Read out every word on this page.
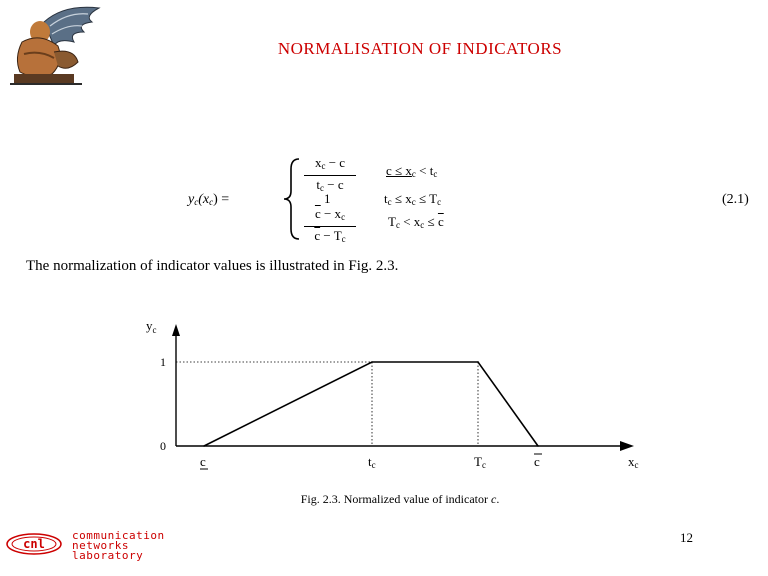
NORMALISATION OF INDICATORS
$y_c(x_c)$ =
$x_c - c$
$t_c - c$
$c \le x_c < t_c$
1	$t_c \le x_c \le T_c$
$\overline{c} - x_c$
$\overline{c} - T_c$
$T_c < x_c \le \overline{c}$
(2.1)
The normalization of indicator values is illustrated in Fig. 2.3.
0
1
$y_c$
c	tc	Tc	c	xc
Fig. 2.3. Normalized value of indicator c.
12
cnl
communication
networks
laboratory
